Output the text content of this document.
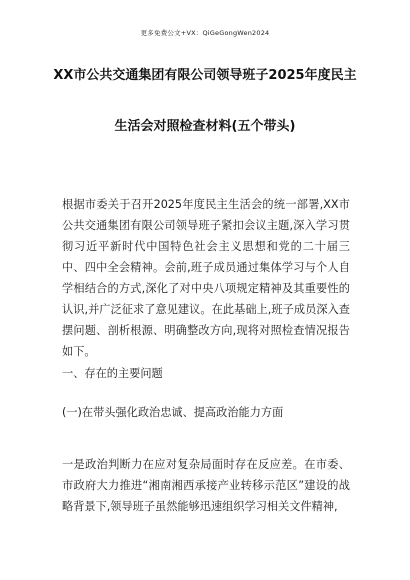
更多免费公文+VX：QiGeGongWen2024
XX市公共交通集团有限公司领导班子2025年度民主
生活会对照检查材料(五个带头)

根据市委关于召开2025年度民主生活会的统一部署,XX市公共交通集团有限公司领导班子紧扣会议主题,深入学习贯彻习近平新时代中国特色社会主义思想和党的二十届三中、四中全会精神。会前,班子成员通过集体学习与个人自学相结合的方式,深化了对中央八项规定精神及其重要性的认识,并广泛征求了意见建议。在此基础上,班子成员深入查摆问题、剖析根源、明确整改方向,现将对照检查情况报告如下。

一、存在的主要问题
(一)在带头强化政治忠诚、提高政治能力方面

一是政治判断力在应对复杂局面时存在反应差。在市委、市政府大力推进“湘南湘西承接产业转移示范区”建设的战略背景下,领导班子虽然能够迅速组织学习相关文件精神,
